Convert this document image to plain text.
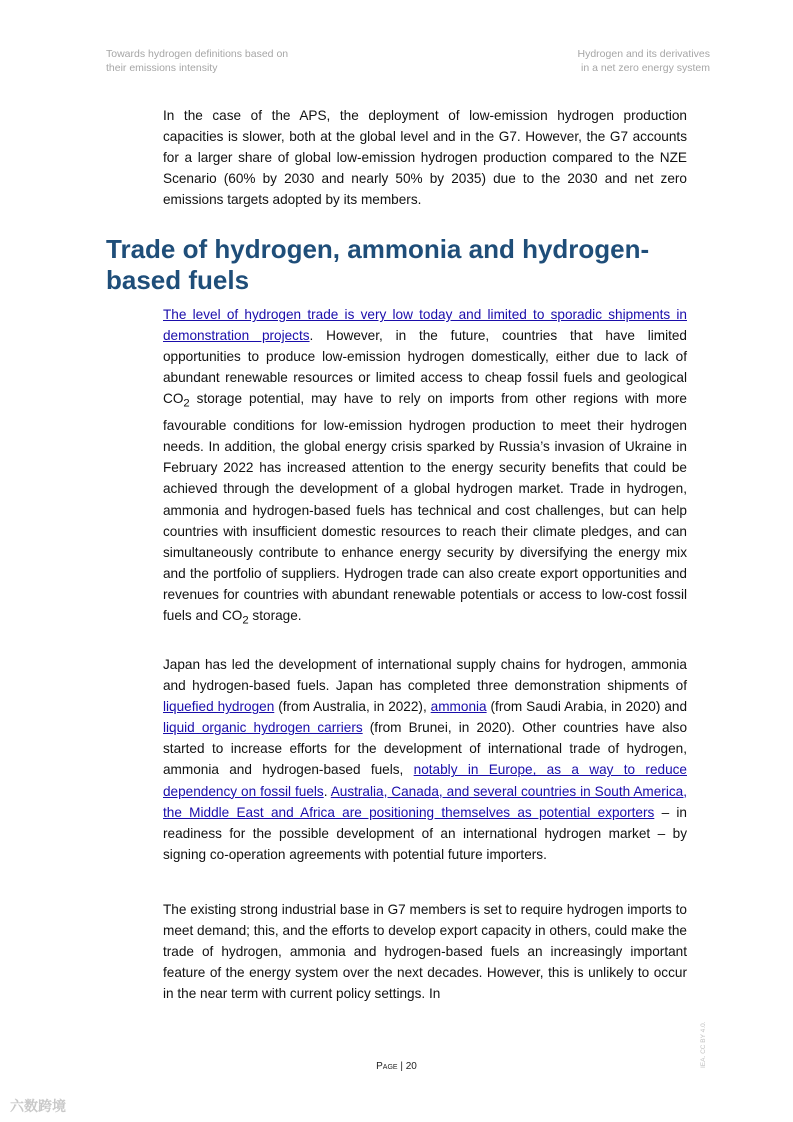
Towards hydrogen definitions based on
their emissions intensity
Hydrogen and its derivatives
in a net zero energy system

In the case of the APS, the deployment of low-emission hydrogen production capacities is slower, both at the global level and in the G7. However, the G7 accounts for a larger share of global low-emission hydrogen production compared to the NZE Scenario (60% by 2030 and nearly 50% by 2035) due to the 2030 and net zero emissions targets adopted by its members.

Trade of hydrogen, ammonia and hydrogen-
based fuels

The level of hydrogen trade is very low today and limited to sporadic shipments in demonstration projects. However, in the future, countries that have limited opportunities to produce low-emission hydrogen domestically, either due to lack of abundant renewable resources or limited access to cheap fossil fuels and geological $CO_2$ storage potential, may have to rely on imports from other regions with more favourable conditions for low-emission hydrogen production to meet their hydrogen needs. In addition, the global energy crisis sparked by Russia’s invasion of Ukraine in February 2022 has increased attention to the energy security benefits that could be achieved through the development of a global hydrogen market. Trade in hydrogen, ammonia and hydrogen-based fuels has technical and cost challenges, but can help countries with insufficient domestic resources to reach their climate pledges, and can simultaneously contribute to enhance energy security by diversifying the energy mix and the portfolio of suppliers. Hydrogen trade can also create export opportunities and revenues for countries with abundant renewable potentials or access to low-cost fossil fuels and $CO_2$ storage.

Japan has led the development of international supply chains for hydrogen, ammonia and hydrogen-based fuels. Japan has completed three demonstration shipments of liquefied hydrogen (from Australia, in 2022), ammonia (from Saudi Arabia, in 2020) and liquid organic hydrogen carriers (from Brunei, in 2020). Other countries have also started to increase efforts for the development of international trade of hydrogen, ammonia and hydrogen-based fuels, notably in Europe, as a way to reduce dependency on fossil fuels. Australia, Canada, and several countries in South America, the Middle East and Africa are positioning themselves as potential exporters – in readiness for the possible development of an international hydrogen market – by signing co-operation agreements with potential future importers.

The existing strong industrial base in G7 members is set to require hydrogen imports to meet demand; this, and the efforts to develop export capacity in others, could make the trade of hydrogen, ammonia and hydrogen-based fuels an increasingly important feature of the energy system over the next decades. However, this is unlikely to occur in the near term with current policy settings. In

Page | 20	IEA. CC BY 4.0.
六数跨境
